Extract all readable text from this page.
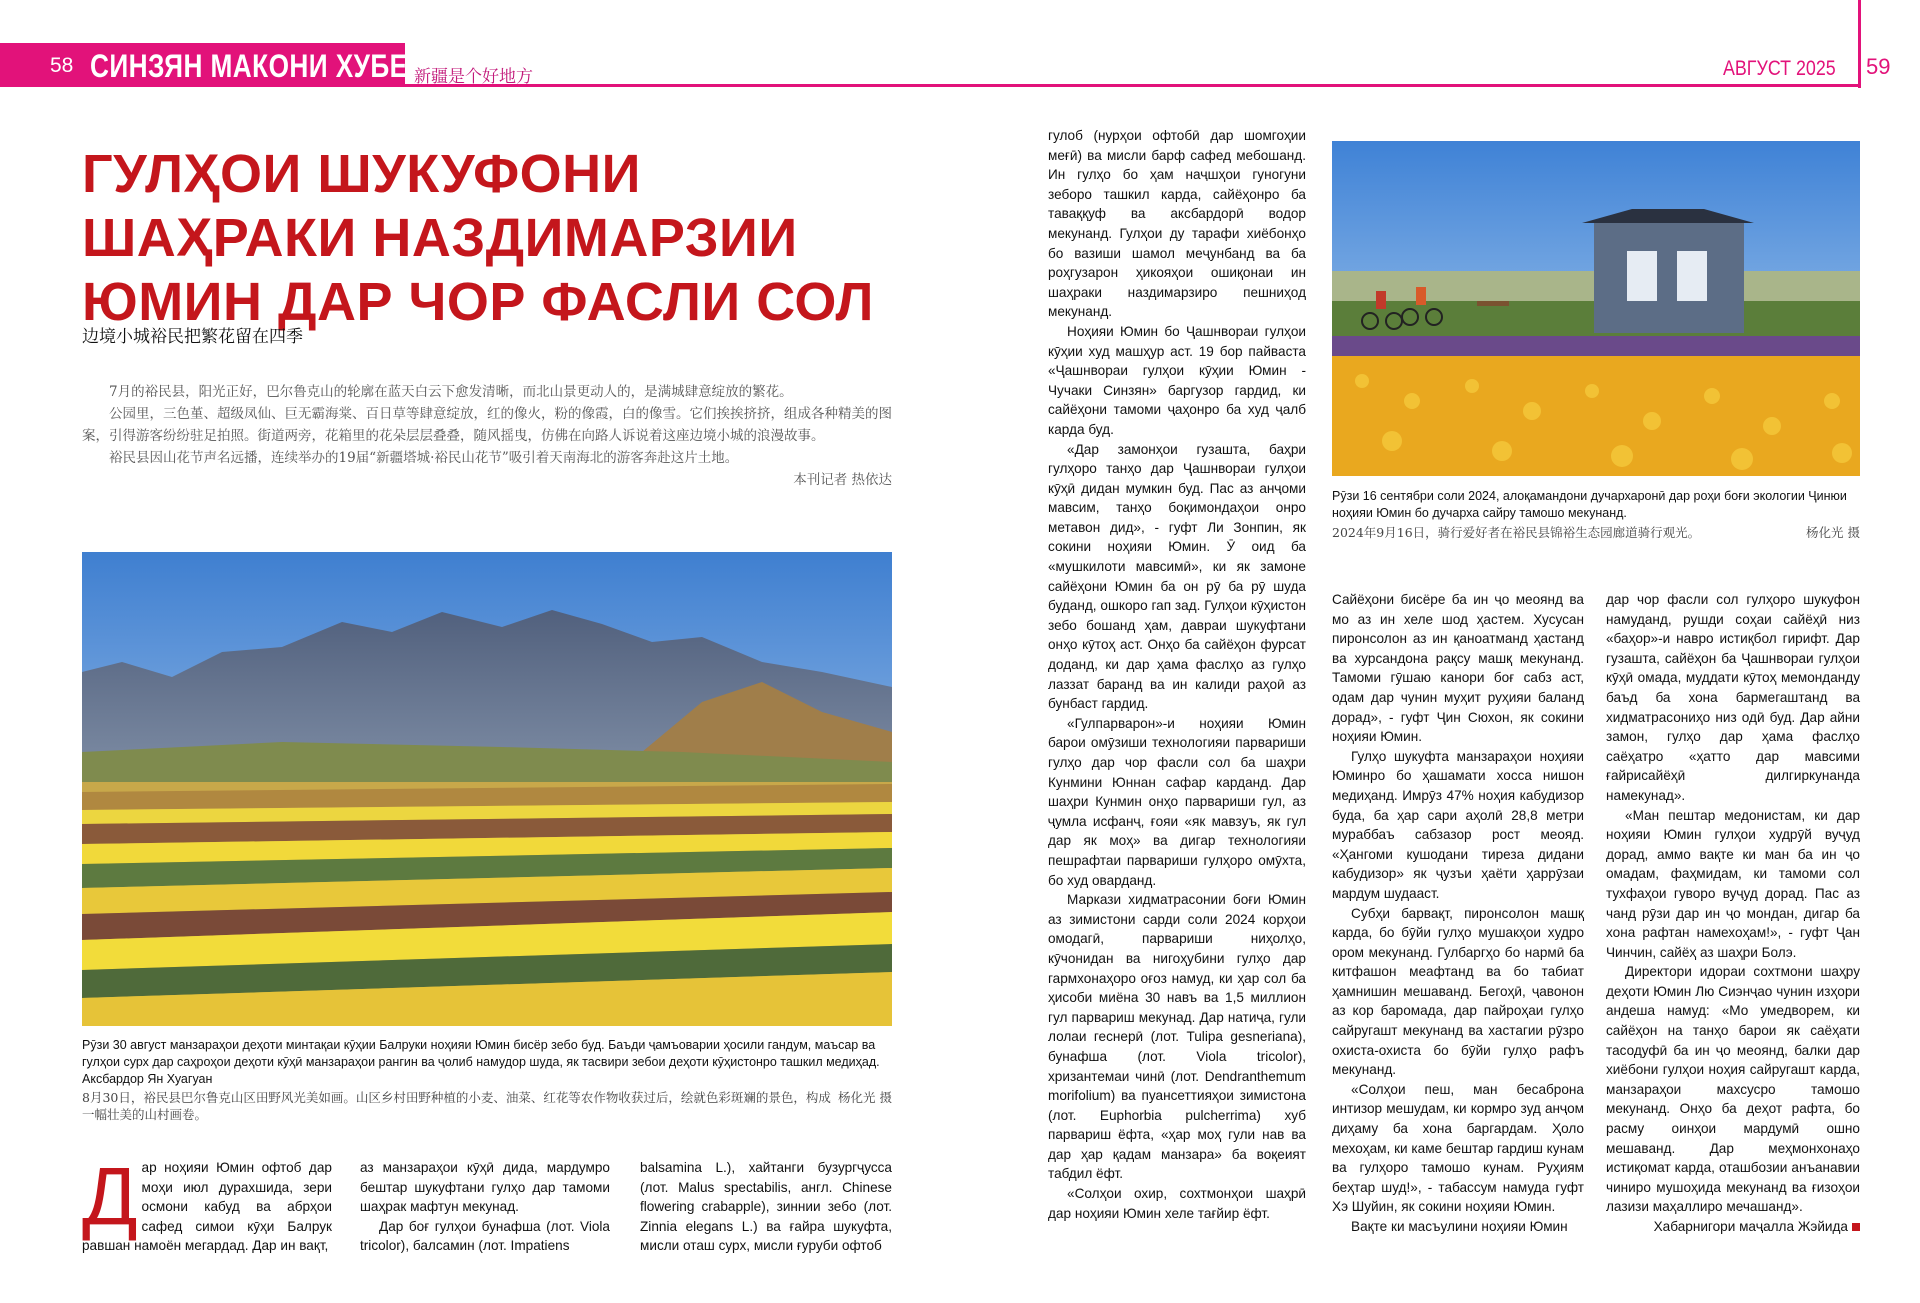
58 СИНЗЯН МАКОНИ ХУБЕСТ
新疆是个好地方	АВГУСТ 2025 59
ГУЛҲОИ ШУКУФОНИ
ШАҲРАКИ НАЗДИМАРЗИИ
ЮМИН ДАР ЧОР ФАСЛИ СОЛ
边境小城裕民把繁花留在四季

7月的裕民县，阳光正好，巴尔鲁克山的轮廓在蓝天白云下愈发清晰，而北山景更动人的，是满城肆意绽放的繁花。

公园里，三色堇、超级凤仙、巨无霸海棠、百日草等肆意绽放，红的像火，粉的像霞，白的像雪。它们挨挨挤挤，组成各种精美的图案，引得游客纷纷驻足拍照。街道两旁，花箱里的花朵层层叠叠，随风摇曳，仿佛在向路人诉说着这座边境小城的浪漫故事。

裕民县因山花节声名远播，连续举办的19届“新疆塔城·裕民山花节”吸引着天南海北的游客奔赴这片土地。

本刊记者 热依达

Рӯзи 30 август манзараҳои деҳоти минтақаи кӯҳии Балруки ноҳияи Юмин бисёр зебо буд. Баъди ҷамъоварии ҳосили гандум, маъсар ва гулҳои сурх дар саҳроҳои деҳоти кӯҳӣ манзараҳои рангин ва ҷолиб намудор шуда, як тасвири зебои деҳоти кӯҳистонро ташкил медиҳад. Аксбардор Ян Хуагуан
杨化光 摄
8月30日，裕民县巴尔鲁克山区田野风光美如画。山区乡村田野种植的小麦、油菜、红花等农作物收获过后，绘就色彩斑斓的景色，构成一幅壮美的山村画卷。
Рӯзи 16 сентябри соли 2024, алоқамандони дучархаронӣ дар роҳи боғи экологии Ҷинюи ноҳияи Юмин бо дучарха сайру тамошо мекунанд.
杨化光 摄
2024年9月16日，骑行爱好者在裕民县锦裕生态园廊道骑行观光。
Д ар ноҳияи Юмин офтоб дар моҳи июл дурахшида, зери осмони кабуд ва абрҳои сафед симои кӯҳи Балрук равшан намоён мегардад. Дар ин вақт,

аз манзараҳои кӯҳӣ дида, мардумро бештар шукуфтани гулҳо дар тамоми шаҳрак мафтун мекунад.

Дар боғ гулҳои бунафша (лот. Viola tricolor), балсамин (лот. Impatiens

balsamina L.), хайтанги бузургҷусса (лот. Malus spectabilis, англ. Chinese flowering crabapple), зиннии зебо (лот. Zinnia elegans L.) ва ғайра шукуфта, мисли оташ сурх, мисли ғуруби офтоб

гулоб (нурҳои офтобӣ дар шомгоҳии меғӣ) ва мисли барф сафед мебошанд. Ин гулҳо бо ҳам наҷшҳои гуногуни зеборо ташкил карда, сайёҳонро ба таваққуф ва аксбардорӣ водор мекунанд. Гулҳои ду тарафи хиёбонҳо бо вазиши шамол меҷунбанд ва ба роҳгузарон ҳикояҳои ошиқонаи ин шаҳраки наздимарзиро пешниҳод мекунанд.

Ноҳияи Юмин бо Ҷашнвораи гулҳои кӯҳии худ машҳур аст. 19 бор пайваста «Ҷашнвораи гулҳои кӯҳии Юмин - Чучаки Синзян» баргузор гардид, ки сайёҳони тамоми ҷаҳонро ба худ ҷалб карда буд.

«Дар замонҳои гузашта, баҳри гулҳоро танҳо дар Ҷашнвораи гулҳои кӯҳӣ дидан мумкин буд. Пас аз анҷоми мавсим, танҳо боқимондаҳои онро метавон дид», - гуфт Ли Зонпин, як сокини ноҳияи Юмин. Ӯ оид ба «мушкилоти мавсимӣ», ки як замоне сайёҳони Юмин ба он рӯ ба рӯ шуда буданд, ошкоро гап зад. Гулҳои кӯҳистон зебо бошанд ҳам, давраи шукуфтани онҳо кӯтоҳ аст. Онҳо ба сайёҳон фурсат доданд, ки дар ҳама фаслҳо аз гулҳо лаззат баранд ва ин калиди раҳоӣ аз бунбаст гардид.

«Гулпарварон»-и ноҳияи Юмин барои омӯзиши технологияи парвариши гулҳо дар чор фасли сол ба шаҳри Кунмини Юннан сафар карданд. Дар шаҳри Кунмин онҳо парвариши гул, аз ҷумла исфанҷ, ғояи «як мавзуъ, як гул дар як моҳ» ва дигар технологияи пешрафтаи парвариши гулҳоро омӯхта, бо худ оварданд.

Маркази хидматрасонии боғи Юмин аз зимистони сарди соли 2024 корҳои омодагӣ, парвариши ниҳолҳо, кӯчонидан ва нигоҳубини гулҳо дар гармхонаҳоро оғоз намуд, ки ҳар сол ба ҳисоби миёна 30 навъ ва 1,5 миллион гул парвариш мекунад. Дар натиҷа, гули лолаи геснерӣ (лот. Tulipa gesneriana), бунафша (лот. Viola tricolor), хризантемаи чинӣ (лот. Dendranthemum morifolium) ва пуансеттияҳои зимистона (лот. Euphorbia pulcherrima) хуб парвариш ёфта, «ҳар моҳ гули нав ва дар ҳар қадам манзара» ба воқеият табдил ёфт.

«Солҳои охир, сохтмонҳои шаҳрӣ дар ноҳияи Юмин хеле тағйир ёфт.

Сайёҳони бисёре ба ин ҷо меоянд ва мо аз ин хеле шод ҳастем. Хусусан пиронсолон аз ин қаноатманд ҳастанд ва хурсандона рақсу машқ мекунанд. Тамоми гӯшаю канори боғ сабз аст, одам дар чунин муҳит руҳияи баланд дорад», - гуфт Ҷин Сюхон, як сокини ноҳияи Юмин.

Гулҳо шукуфта манзараҳои ноҳияи Юминро бо ҳашамати хосса нишон медиҳанд. Имрӯз 47% ноҳия кабудизор буда, ба ҳар сари аҳолӣ 28,8 метри мураббаъ сабзазор рост меояд. «Ҳангоми кушодани тиреза дидани кабудизор» як ҷузъи ҳаёти ҳаррӯзаи мардум шудааст.

Субҳи барвақт, пиронсолон машқ карда, бо бӯйи гулҳо мушакҳои худро ором мекунанд. Гулбаргҳо бо нармӣ ба китфашон меафтанд ва бо табиат ҳамнишин мешаванд. Бегоҳӣ, ҷавонон аз кор баромада, дар пайроҳаи гулҳо сайругашт мекунанд ва хастагии рӯзро охиста-охиста бо бӯйи гулҳо рафъ мекунанд.

«Солҳои пеш, ман бесаброна интизор мешудам, ки кормро зуд анҷом диҳаму ба хона баргардам. Ҳоло мехоҳам, ки каме бештар гардиш кунам ва гулҳоро тамошо кунам. Руҳиям беҳтар шуд!», - табассум намуда гуфт Хэ Шуйин, як сокини ноҳияи Юмин.

Вақте ки масъулини ноҳияи Юмин

дар чор фасли сол гулҳоро шукуфон намуданд, рушди соҳаи сайёҳӣ низ «баҳор»-и навро истиқбол гирифт. Дар гузашта, сайёҳон ба Ҷашнвораи гулҳои кӯҳӣ омада, муддати кӯтоҳ мемонданду баъд ба хона бармегаштанд ва хидматрасониҳо низ одӣ буд. Дар айни замон, гулҳо дар ҳама фаслҳо саёҳатро «ҳатто дар мавсими ғайрисайёҳӣ дилгиркунанда намекунад».

«Ман пештар медонистам, ки дар ноҳияи Юмин гулҳои худрӯй вуҷуд дорад, аммо вақте ки ман ба ин ҷо омадам, фаҳмидам, ки тамоми сол тухфаҳои гуворо вуҷуд дорад. Пас аз чанд рӯзи дар ин ҷо мондан, дигар ба хона рафтан намехоҳам!», - гуфт Ҷан Чинчин, сайёҳ аз шаҳри Болэ.

Директори идораи сохтмони шаҳру деҳоти Юмин Лю Сиэнҷао чунин изҳори андеша намуд: «Мо умедворем, ки сайёҳон на танҳо барои як саёҳати тасодуфӣ ба ин ҷо меоянд, балки дар хиёбони гулҳои ноҳия сайругашт карда, манзараҳои махсусро тамошо мекунанд. Онҳо ба деҳот рафта, бо расму оинҳои мардумӣ ошно мешаванд. Дар меҳмонхонаҳо истиқомат карда, оташбозии анъанавии чиниро мушоҳида мекунанд ва ғизоҳои лазизи маҳаллиро мечашанд».

Хабарнигори маҷалла Жэйида
